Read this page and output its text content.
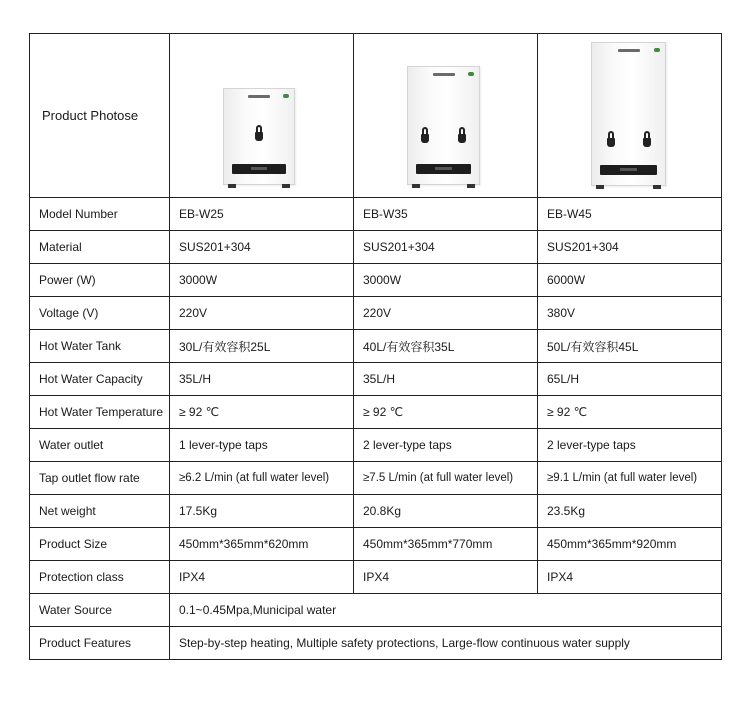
Product Photose	

Model Number	EB-W25	EB-W35	EB-W45
Material	SUS201+304	SUS201+304	SUS201+304
Power (W)	3000W	3000W	6000W
Voltage (V)	220V	220V	380V
Hot Water Tank	30L/有效容积25L	40L/有效容积35L	50L/有效容积45L
Hot Water Capacity	35L/H	35L/H	65L/H
Hot Water Temperature	≥ 92 ℃	≥ 92 ℃	≥ 92 ℃
Water outlet	1 lever-type taps	2 lever-type taps	2 lever-type taps
Tap outlet flow rate	≥6.2 L/min (at full water level)	≥7.5 L/min (at full water level)	≥9.1 L/min (at full water level)
Net weight	17.5Kg	20.8Kg	23.5Kg
Product Size	450mm*365mm*620mm	450mm*365mm*770mm	450mm*365mm*920mm
Protection class	IPX4	IPX4	IPX4
Water Source	0.1~0.45Mpa,Municipal water		
Product Features	Step-by-step heating, Multiple safety protections, Large-flow continuous water supply		
